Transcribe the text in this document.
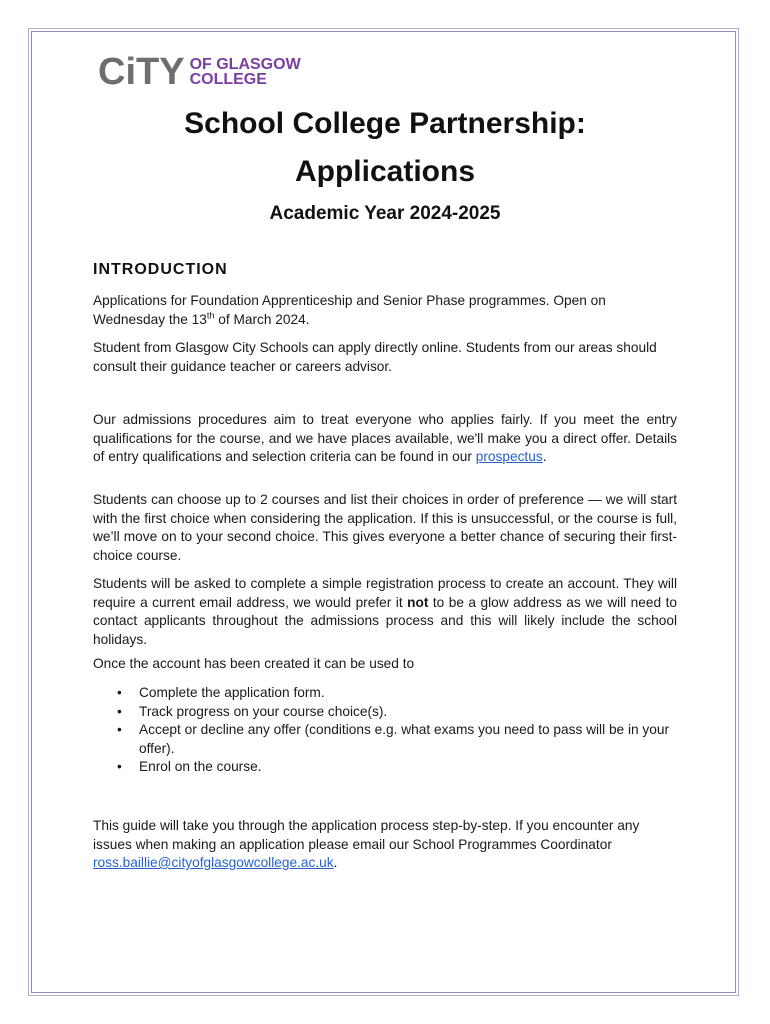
CiTY OF GLASGOW
COLLEGE
School College Partnership:
Applications
Academic Year 2024-2025
INTRODUCTION
Applications for Foundation Apprenticeship and Senior Phase programmes. Open on Wednesday the 13th of March 2024.
Student from Glasgow City Schools can apply directly online. Students from our areas should consult their guidance teacher or careers advisor.
Our admissions procedures aim to treat everyone who applies fairly. If you meet the entry qualifications for the course, and we have places available, we'll make you a direct offer. Details of entry qualifications and selection criteria can be found in our prospectus.
Students can choose up to 2 courses and list their choices in order of preference — we will start with the first choice when considering the application. If this is unsuccessful, or the course is full, we’ll move on to your second choice. This gives everyone a better chance of securing their first-choice course.
Students will be asked to complete a simple registration process to create an account. They will require a current email address, we would prefer it not to be a glow address as we will need to contact applicants throughout the admissions process and this will likely include the school holidays.
Once the account has been created it can be used to
• Complete the application form.
• Track progress on your course choice(s).
• Accept or decline any offer (conditions e.g. what exams you need to pass will be in your offer).
• Enrol on the course.
This guide will take you through the application process step-by-step. If you encounter any issues when making an application please email our School Programmes Coordinator ross.baillie@cityofglasgowcollege.ac.uk.
